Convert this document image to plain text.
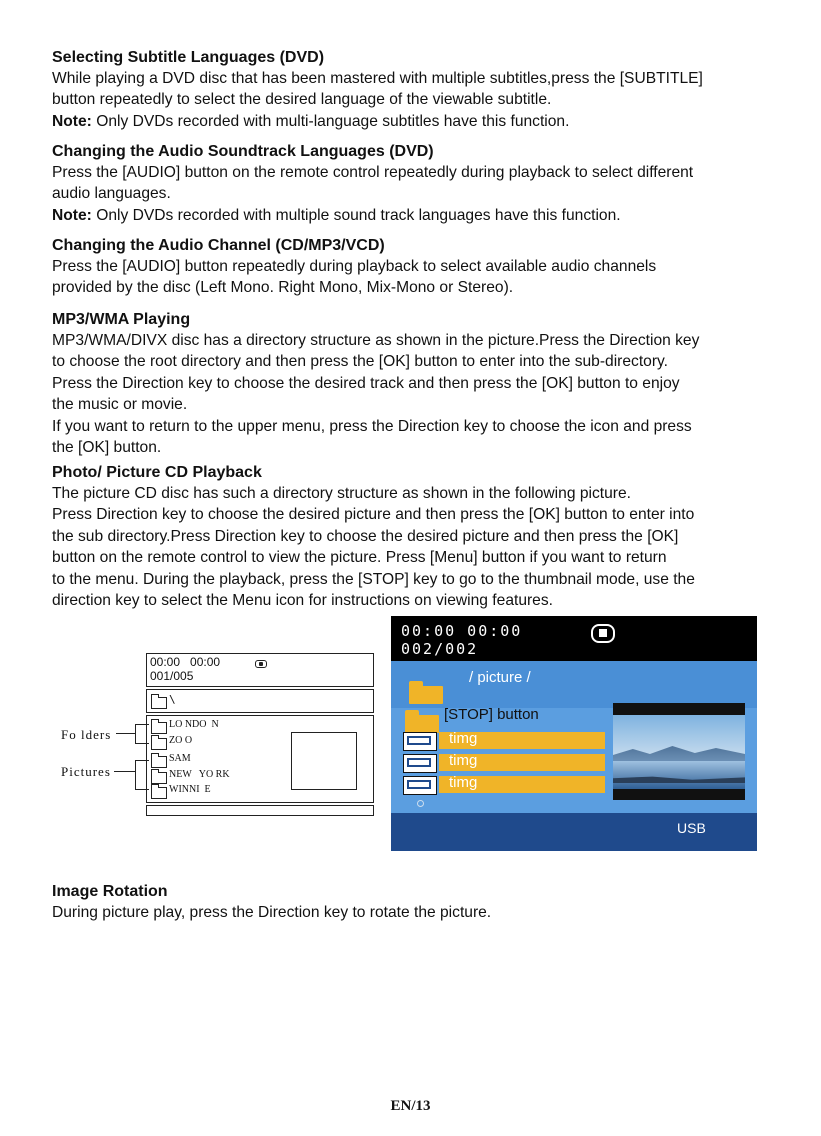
Selecting Subtitle Languages (DVD)

While playing a DVD disc that has been mastered with multiple subtitles,press the [SUBTITLE]

button repeatedly to select the desired language of the viewable subtitle.

Note: Only DVDs recorded with multi-language subtitles have this function.

Changing the Audio Soundtrack Languages (DVD)

Press the [AUDIO] button on the remote control repeatedly during playback to select different

audio languages.

Note: Only DVDs recorded with multiple sound track languages have this function.

Changing the Audio Channel (CD/MP3/VCD)

Press the [AUDIO] button repeatedly during playback to select available audio channels

provided by the disc (Left Mono. Right Mono, Mix-Mono or Stereo).

MP3/WMA Playing

MP3/WMA/DIVX disc has a directory structure as shown in the picture.Press the Direction key

to choose the root directory and then press the [OK] button to enter into the sub-directory.

Press the Direction key to choose the desired track and then press the [OK] button to enjoy

the music or movie.

If you want to return to the upper menu, press the Direction key to choose the icon and press

the [OK] button.

Photo/ Picture CD Playback

The picture CD disc has such a directory structure as shown in the following picture.

Press Direction key to choose the desired picture and then press the [OK] button to enter into

the sub directory.Press Direction key to choose the desired picture and then press the [OK]

button on the remote control to view the picture. Press [Menu] button if you want to return

to the menu. During the playback, press the [STOP] key to go to the thumbnail mode, use the

direction key to select the Menu icon for instructions on viewing features.

00:00   00:00
001/005
\
LO NDO  N
ZO O
SAM
NEW   YO RK
WINNI  E
Fo lders
Pictures
00:00 00:00
002/002
/ picture /
[STOP] button
timg
timg
timg
USB

Image Rotation

During picture play, press the Direction key to rotate the picture.

EN/13
